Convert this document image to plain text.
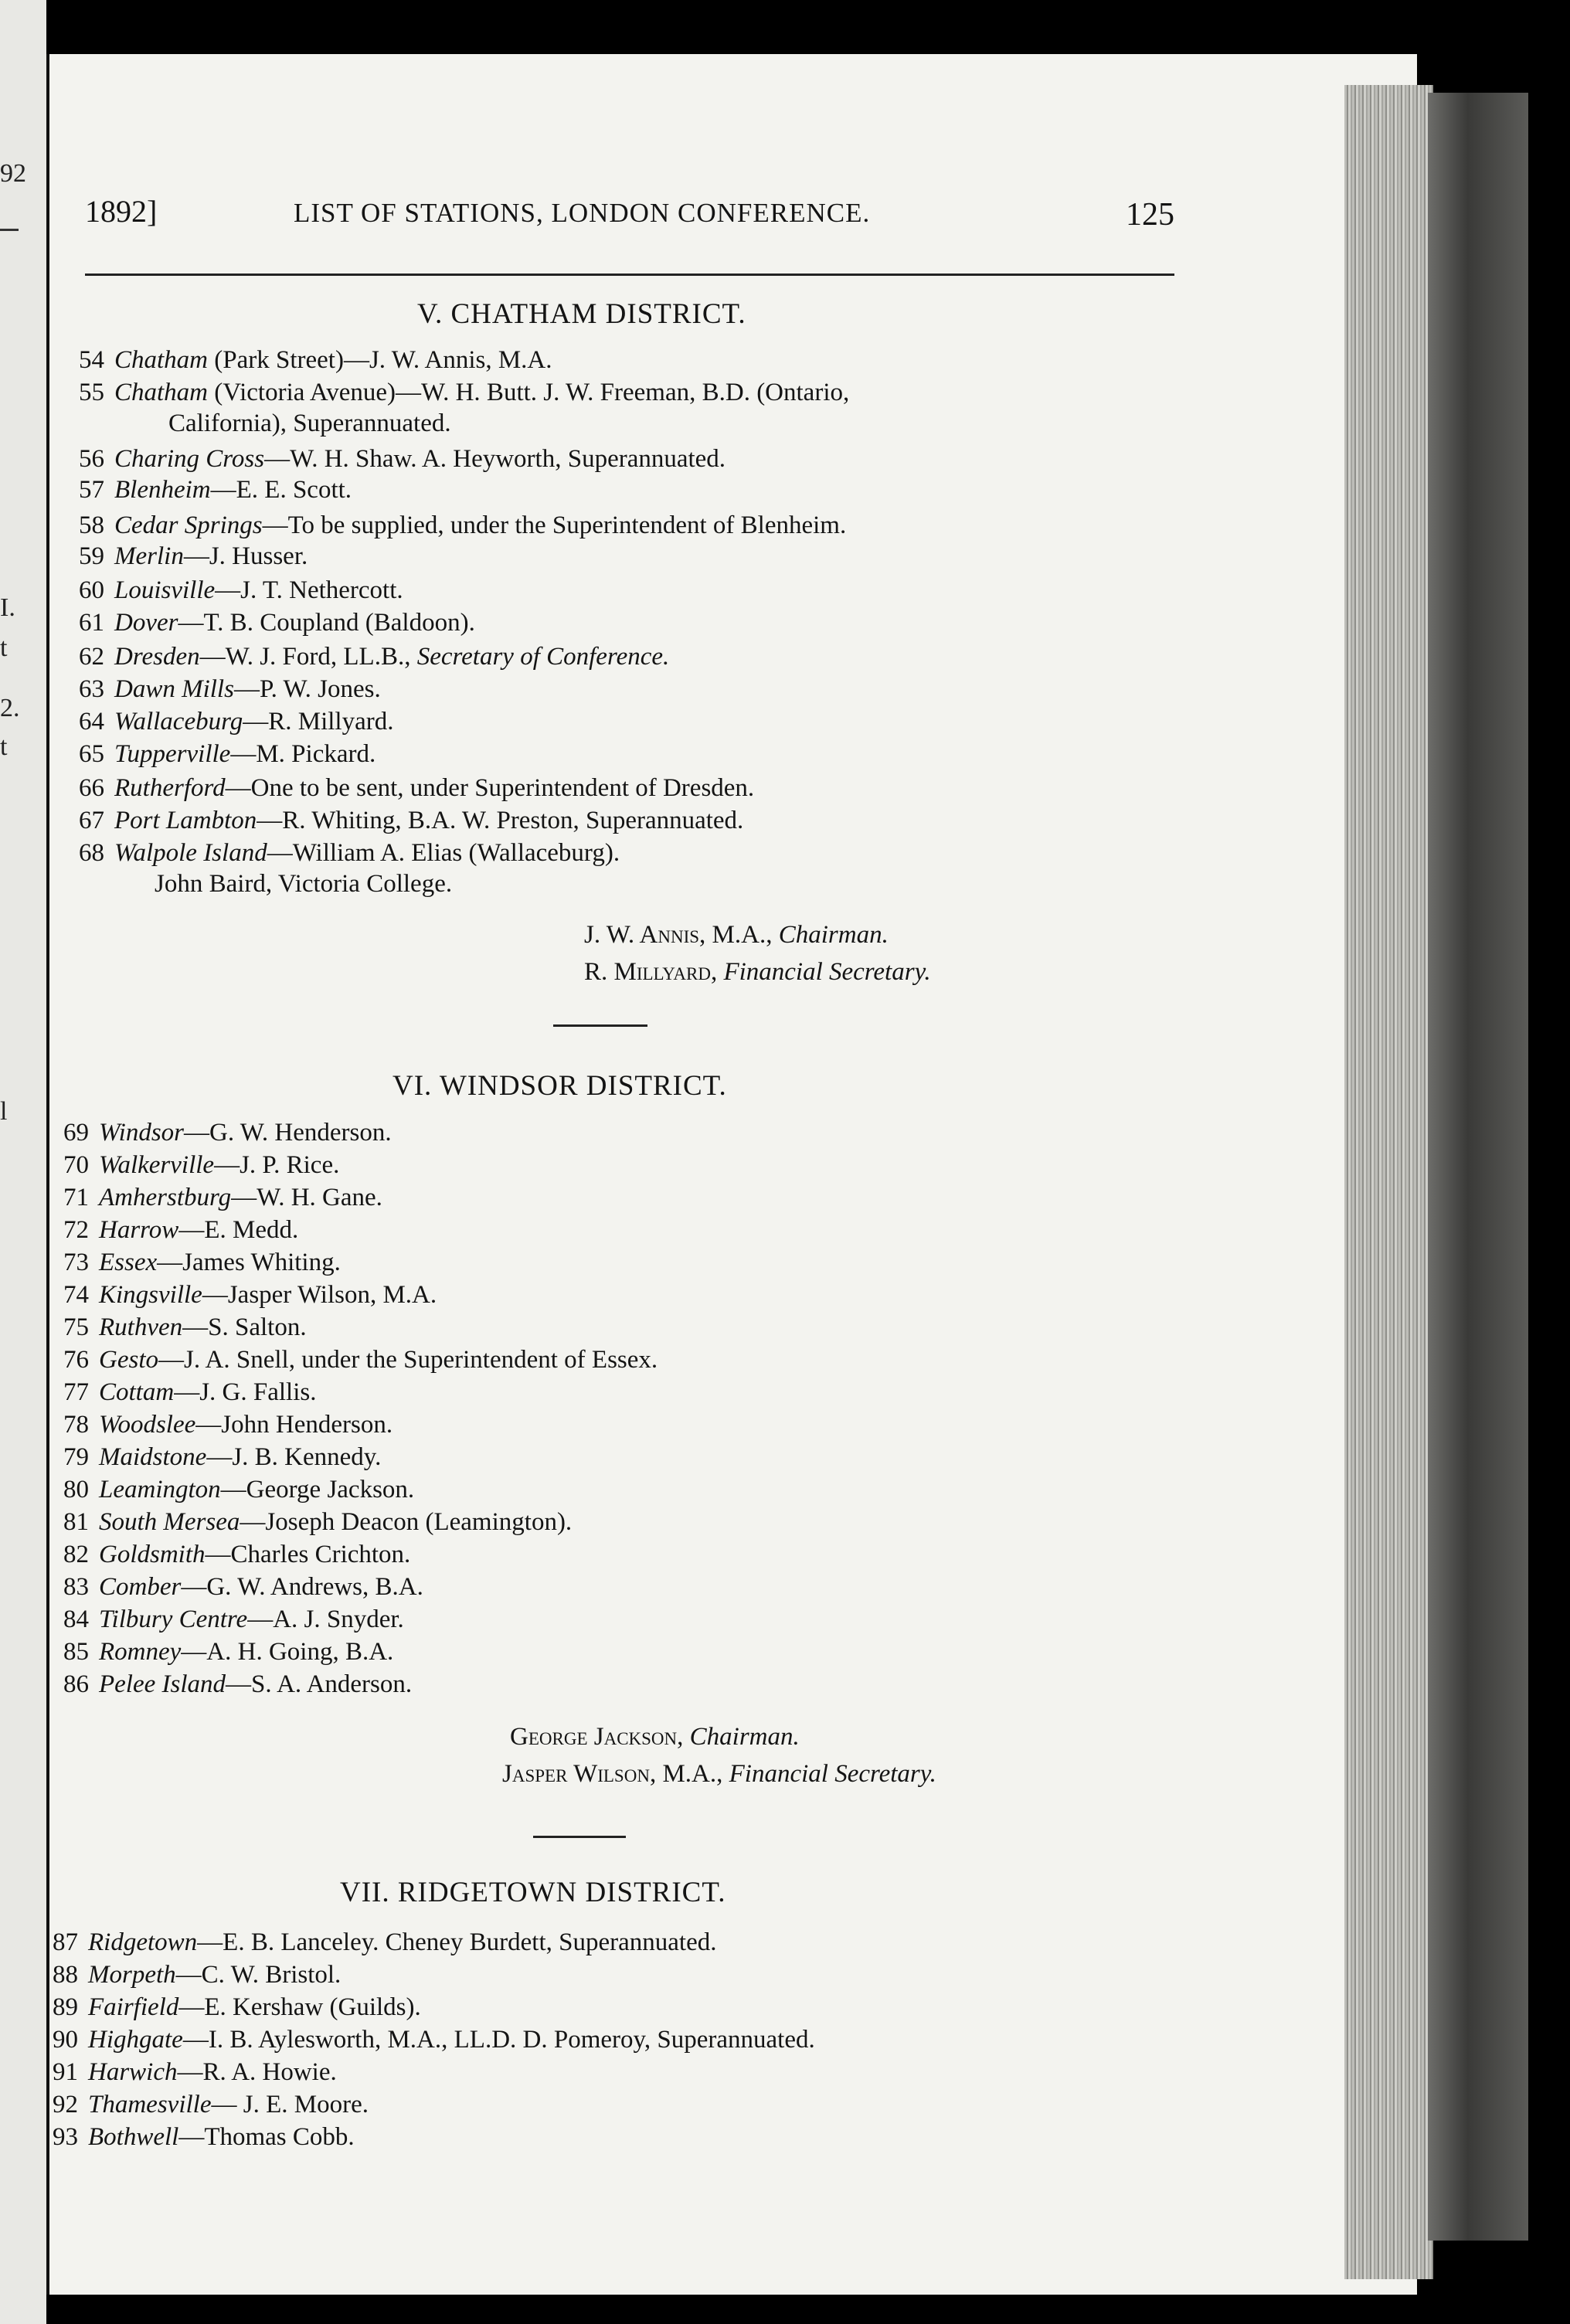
92
I.
t
2.
t
l
1892]	LIST OF STATIONS, LONDON CONFERENCE.	125
V. CHATHAM DISTRICT.
54 Chatham (Park Street)—J. W. Annis, M.A.
55 Chatham (Victoria Avenue)—W. H. Butt. J. W. Freeman, B.D. (Ontario,
California), Superannuated.
56 Charing Cross—W. H. Shaw. A. Heyworth, Superannuated.
57 Blenheim—E. E. Scott.
58 Cedar Springs—To be supplied, under the Superintendent of Blenheim.
59 Merlin—J. Husser.
60 Louisville—J. T. Nethercott.
61 Dover—T. B. Coupland (Baldoon).
62 Dresden—W. J. Ford, LL.B., Secretary of Conference.
63 Dawn Mills—P. W. Jones.
64 Wallaceburg—R. Millyard.
65 Tupperville—M. Pickard.
66 Rutherford—One to be sent, under Superintendent of Dresden.
67 Port Lambton—R. Whiting, B.A. W. Preston, Superannuated.
68 Walpole Island—William A. Elias (Wallaceburg).
John Baird, Victoria College.
J. W. Annis, M.A., Chairman.
R. Millyard, Financial Secretary.
VI. WINDSOR DISTRICT.
69 Windsor—G. W. Henderson.
70 Walkerville—J. P. Rice.
71 Amherstburg—W. H. Gane.
72 Harrow—E. Medd.
73 Essex—James Whiting.
74 Kingsville—Jasper Wilson, M.A.
75 Ruthven—S. Salton.
76 Gesto—J. A. Snell, under the Superintendent of Essex.
77 Cottam—J. G. Fallis.
78 Woodslee—John Henderson.
79 Maidstone—J. B. Kennedy.
80 Leamington—George Jackson.
81 South Mersea—Joseph Deacon (Leamington).
82 Goldsmith—Charles Crichton.
83 Comber—G. W. Andrews, B.A.
84 Tilbury Centre—A. J. Snyder.
85 Romney—A. H. Going, B.A.
86 Pelee Island—S. A. Anderson.
George Jackson, Chairman.
Jasper Wilson, M.A., Financial Secretary.
VII. RIDGETOWN DISTRICT.
87 Ridgetown—E. B. Lanceley. Cheney Burdett, Superannuated.
88 Morpeth—C. W. Bristol.
89 Fairfield—E. Kershaw (Guilds).
90 Highgate—I. B. Aylesworth, M.A., LL.D. D. Pomeroy, Superannuated.
91 Harwich—R. A. Howie.
92 Thamesville— J. E. Moore.
93 Bothwell—Thomas Cobb.
